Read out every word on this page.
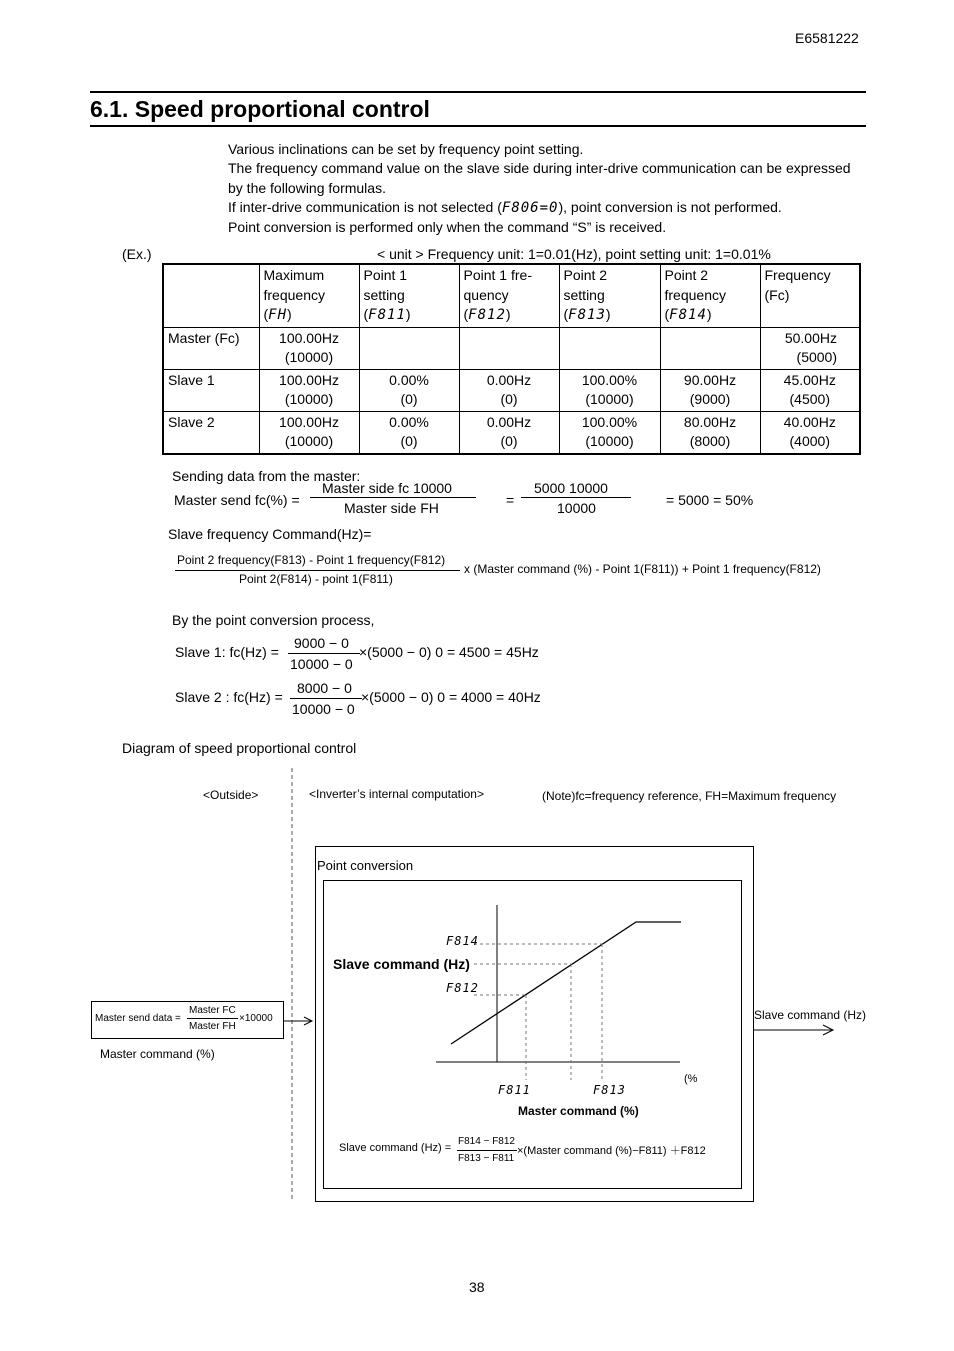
E6581222
6.1. Speed proportional control

Various inclinations can be set by frequency point setting.

The frequency command value on the slave side during inter-drive communication can be expressed by the following formulas.

If inter-drive communication is not selected (F806=0), point conversion is not performed.

Point conversion is performed only when the command “S” is received.

(Ex.)	< unit > Frequency unit: 1=0.01(Hz), point setting unit: 1=0.01%
	Maximum
frequency
(FH)	Point 1
setting
(F811)	Point 1 fre-
quency
(F812)	Point 2
setting
(F813)	Point 2
frequency
(F814)	Frequency
(Fc)
Master (Fc)	100.00Hz
(10000)					50.00Hz
(5000)
Slave 1	100.00Hz
(10000)	0.00%
(0)	0.00Hz
(0)	100.00%
(10000)	90.00Hz
(9000)	45.00Hz
(4500)
Slave 2	100.00Hz
(10000)	0.00%
(0)	0.00Hz
(0)	100.00%
(10000)	80.00Hz
(8000)	40.00Hz
(4000)
Sending data from the master:
Master send fc(%) =
Master side fc 10000
Master side FH	=
5000 10000
10000	= 5000 = 50%
Slave frequency Command(Hz)=
Point 2 frequency(F813) - Point 1 frequency(F812)
Point 2(F814) - point 1(F811)
x (Master command (%) - Point 1(F811)) + Point 1 frequency(F812)
By the point conversion process,
Slave 1: fc(Hz) =
9000 − 0
10000 − 0
×(5000 − 0) 0 = 4500 = 45Hz
Slave 2 : fc(Hz) =
8000 − 0
10000 − 0
×(5000 − 0) 0 = 4000 = 40Hz
Diagram of speed proportional control
<Outside>	<Inverter’s internal computation>	(Note)fc=frequency reference, FH=Maximum frequency
Point conversion
F814
Slave command (Hz)
F812
F811	F813
(%
Master command (%)
Slave command (Hz) =
F814 − F812
F813 − F811
×(Master command (%)−F811) ＋F812
Master send data =
Master FC
Master FH
×10000
Master command (%)
Slave command (Hz)
38
